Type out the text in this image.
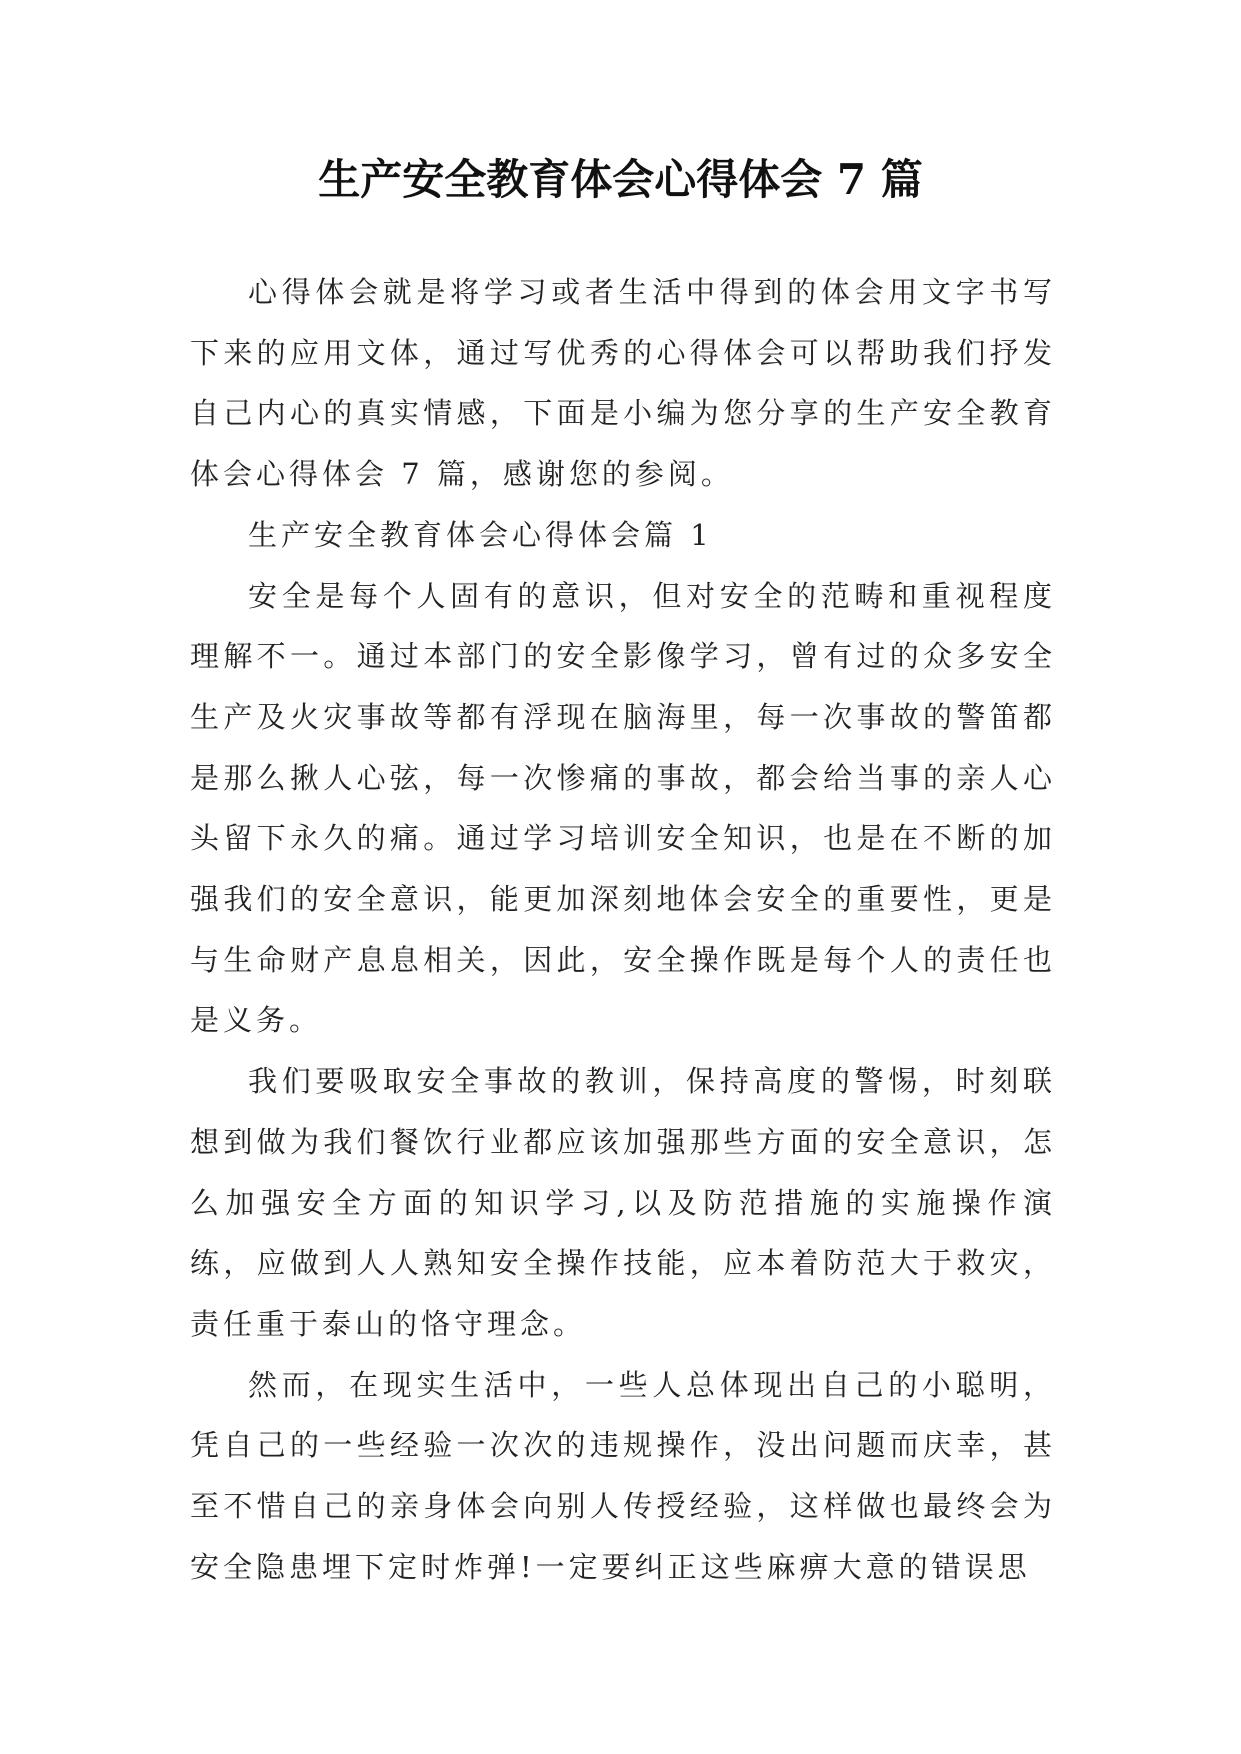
生产安全教育体会心得体会 7 篇

心得体会就是将学习或者生活中得到的体会用文字书写下来的应用文体，通过写优秀的心得体会可以帮助我们抒发自己内心的真实情感，下面是小编为您分享的生产安全教育体会心得体会 7 篇，感谢您的参阅。

生产安全教育体会心得体会篇 1

安全是每个人固有的意识，但对安全的范畴和重视程度理解不一。通过本部门的安全影像学习，曾有过的众多安全生产及火灾事故等都有浮现在脑海里，每一次事故的警笛都是那么揪人心弦，每一次惨痛的事故，都会给当事的亲人心头留下永久的痛。通过学习培训安全知识，也是在不断的加强我们的安全意识，能更加深刻地体会安全的重要性，更是与生命财产息息相关，因此，安全操作既是每个人的责任也是义务。

我们要吸取安全事故的教训，保持高度的警惕，时刻联想到做为我们餐饮行业都应该加强那些方面的安全意识，怎么加强安全方面的知识学习,以及防范措施的实施操作演练，应做到人人熟知安全操作技能，应本着防范大于救灾，责任重于泰山的恪守理念。

然而，在现实生活中，一些人总体现出自己的小聪明，凭自己的一些经验一次次的违规操作，没出问题而庆幸，甚至不惜自己的亲身体会向别人传授经验，这样做也最终会为安全隐患埋下定时炸弹!一定要纠正这些麻痹大意的错误思
